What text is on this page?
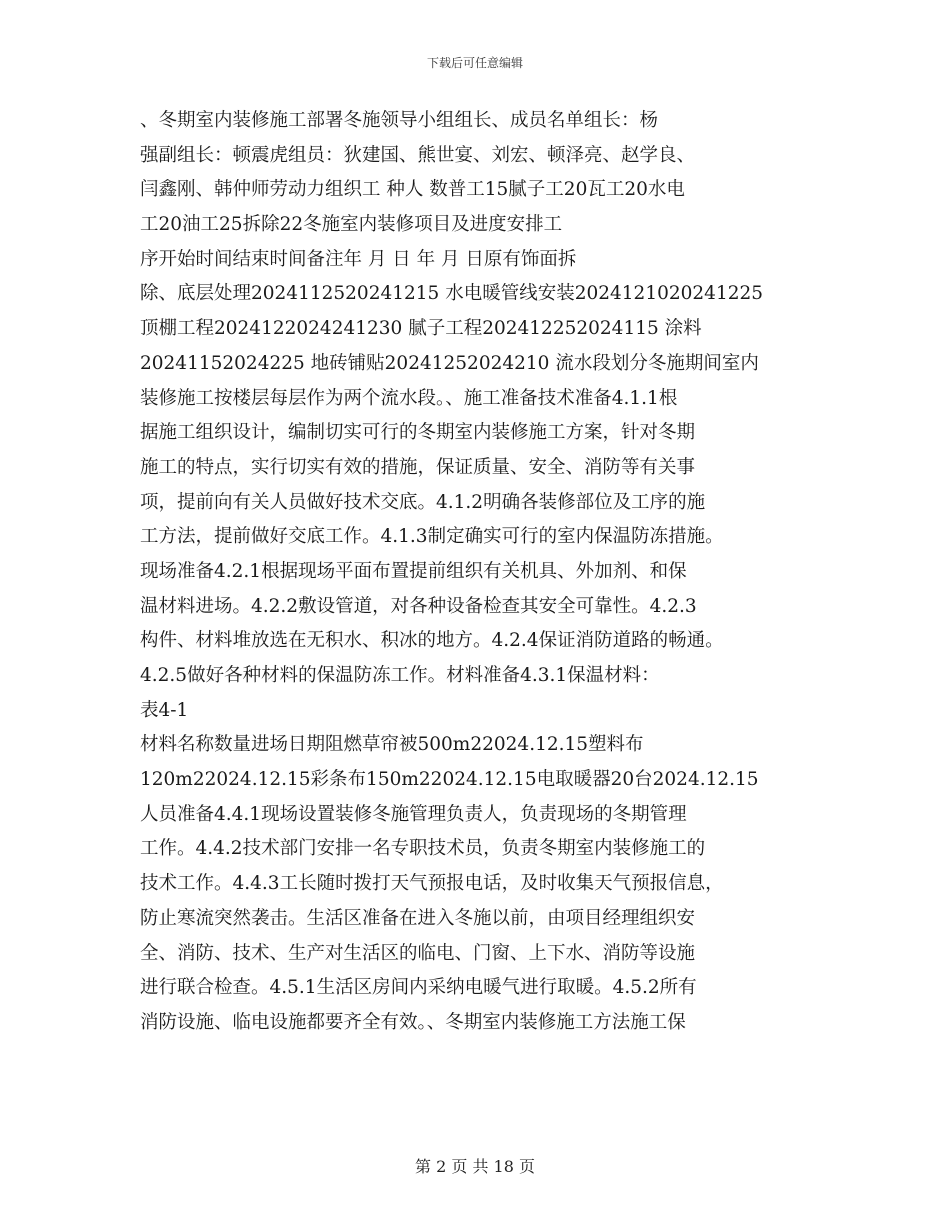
下载后可任意编辑
、冬期室内装修施工部署冬施领导小组组长、成员名单组长：杨
强副组长：顿震虎组员：狄建国、熊世宴、刘宏、顿泽亮、赵学良、
闫鑫刚、韩仲师劳动力组织工 种人 数普工15腻子工20瓦工20水电
工20油工25拆除22冬施室内装修项目及进度安排工
序开始时间结束时间备注年 月 日 年 月 日原有饰面拆
除、底层处理2024112520241215 水电暖管线安装2024121020241225
顶棚工程2024122024241230 腻子工程202412252024115 涂料
20241152024225 地砖铺贴20241252024210 流水段划分冬施期间室内
装修施工按楼层每层作为两个流水段。、施工准备技术准备4.1.1根
据施工组织设计，编制切实可行的冬期室内装修施工方案，针对冬期
施工的特点，实行切实有效的措施，保证质量、安全、消防等有关事
项，提前向有关人员做好技术交底。4.1.2明确各装修部位及工序的施
工方法，提前做好交底工作。4.1.3制定确实可行的室内保温防冻措施。
现场准备4.2.1根据现场平面布置提前组织有关机具、外加剂、和保
温材料进场。4.2.2敷设管道，对各种设备检查其安全可靠性。4.2.3
构件、材料堆放选在无积水、积冰的地方。4.2.4保证消防道路的畅通。
4.2.5做好各种材料的保温防冻工作。材料准备4.3.1保温材料：
表4-1
材料名称数量进场日期阻燃草帘被500m22024.12.15塑料布
120m22024.12.15彩条布150m22024.12.15电取暖器20台2024.12.15
人员准备4.4.1现场设置装修冬施管理负责人，负责现场的冬期管理
工作。4.4.2技术部门安排一名专职技术员，负责冬期室内装修施工的
技术工作。4.4.3工长随时拨打天气预报电话，及时收集天气预报信息，
防止寒流突然袭击。生活区准备在进入冬施以前，由项目经理组织安
全、消防、技术、生产对生活区的临电、门窗、上下水、消防等设施
进行联合检查。4.5.1生活区房间内采纳电暖气进行取暖。4.5.2所有
消防设施、临电设施都要齐全有效。、冬期室内装修施工方法施工保
第 2 页 共 18 页
